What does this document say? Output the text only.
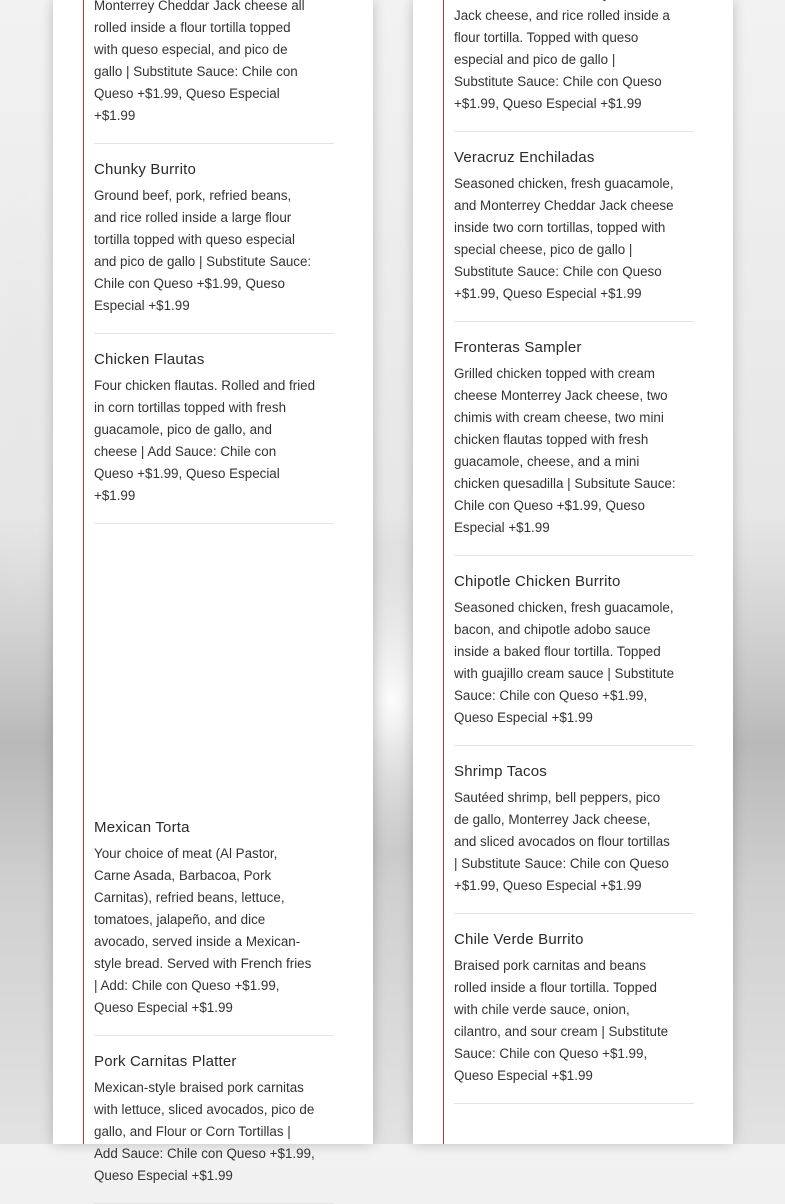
Monterrey Cheddar Jack cheese all rolled inside a flour tortilla topped with queso especial, and pico de gallo | Substitute Sauce: Chile con Queso +$1.99, Queso Especial +$1.99

Chunky Burrito

Ground beef, pork, refried beans, and rice rolled inside a large flour tortilla topped with queso especial and pico de gallo | Substitute Sauce: Chile con Queso +$1.99, Queso Especial +$1.99

Chicken Flautas

Four chicken flautas. Rolled and fried in corn tortillas topped with fresh guacamole, pico de gallo, and cheese | Add Sauce: Chile con Queso +$1.99, Queso Especial +$1.99

Mexican Torta

Your choice of meat (Al Pastor, Carne Asada, Barbacoa, Pork Carnitas), refried beans, lettuce, tomatoes, jalapeño, and dice avocado, served inside a Mexican-style bread. Served with French fries | Add: Chile con Queso +$1.99, Queso Especial +$1.99

Pork Carnitas Platter

Mexican-style braised pork carnitas with lettuce, sliced avocados, pico de gallo, and Flour or Corn Tortillas | Add Sauce: Chile con Queso +$1.99, Queso Especial +$1.99

Jack cheese, and rice rolled inside a flour tortilla. Topped with queso especial and pico de gallo | Substitute Sauce: Chile con Queso +$1.99, Queso Especial +$1.99

Veracruz Enchiladas

Seasoned chicken, fresh guacamole, and Monterrey Cheddar Jack cheese inside two corn tortillas, topped with special cheese, pico de gallo | Substitute Sauce: Chile con Queso +$1.99, Queso Especial +$1.99

Fronteras Sampler

Grilled chicken topped with cream cheese Monterrey Jack cheese, two chimis with cream cheese, two mini chicken flautas topped with fresh guacamole, cheese, and a mini chicken quesadilla | Subsitute Sauce: Chile con Queso +$1.99, Queso Especial +$1.99

Chipotle Chicken Burrito

Seasoned chicken, fresh guacamole, bacon, and chipotle adobo sauce inside a baked flour tortilla. Topped with guajillo cream sauce | Substitute Sauce: Chile con Queso +$1.99, Queso Especial +$1.99

Shrimp Tacos

Sautéed shrimp, bell peppers, pico de gallo, Monterrey Jack cheese, and sliced avocados on flour tortillas | Substitute Sauce: Chile con Queso +$1.99, Queso Especial +$1.99

Chile Verde Burrito

Braised pork carnitas and beans rolled inside a flour tortilla. Topped with chile verde sauce, onion, cilantro, and sour cream | Substitute Sauce: Chile con Queso +$1.99, Queso Especial +$1.99
